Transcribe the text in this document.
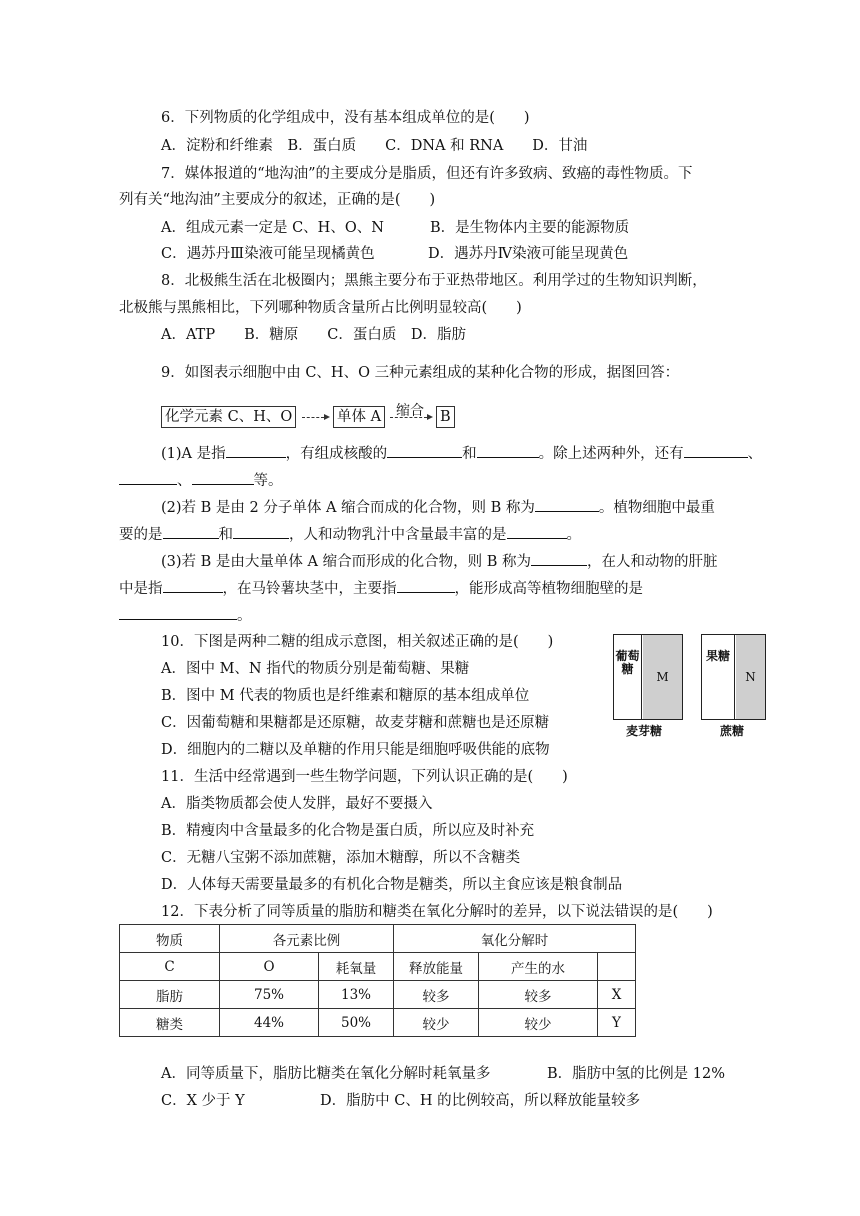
6．下列物质的化学组成中，没有基本组成单位的是(　　)
A．淀粉和纤维素　B．蛋白质　　C．DNA 和 RNA　　D．甘油
7．媒体报道的“地沟油”的主要成分是脂质，但还有许多致病、致癌的毒性物质。下
列有关“地沟油”主要成分的叙述，正确的是(　　)
A．组成元素一定是 C、H、O、N	B．是生物体内主要的能源物质
C．遇苏丹Ⅲ染液可能呈现橘黄色	D．遇苏丹Ⅳ染液可能呈现黄色
8．北极熊生活在北极圈内；黑熊主要分布于亚热带地区。利用学过的生物知识判断，
北极熊与黑熊相比，下列哪种物质含量所占比例明显较高(　　)
A．ATP　　B．糖原　　C．蛋白质　D．脂肪
9．如图表示细胞中由 C、H、O 三种元素组成的某种化合物的形成，据图回答：
化学元素 C、H、O	单体 A 缩合 B
(1)A 是指	，有组成核酸的	和	。除上述两种外，还有	、
、	等。
(2)若 B 是由 2 分子单体 A 缩合而成的化合物，则 B 称为	。植物细胞中最重
要的是	和	，人和动物乳汁中含量最丰富的是	。
(3)若 B 是由大量单体 A 缩合而形成的化合物，则 B 称为	，在人和动物的肝脏
中是指	，在马铃薯块茎中，主要指	，能形成高等植物细胞壁的是
。
10．下图是两种二糖的组成示意图，相关叙述正确的是(　　)
A．图中 M、N 指代的物质分别是葡萄糖、果糖
B．图中 M 代表的物质也是纤维素和糖原的基本组成单位
C．因葡萄糖和果糖都是还原糖，故麦芽糖和蔗糖也是还原糖
D．细胞内的二糖以及单糖的作用只能是细胞呼吸供能的底物
葡萄糖
M
麦芽糖
果糖
N
蔗糖
11．生活中经常遇到一些生物学问题，下列认识正确的是(　　)
A．脂类物质都会使人发胖，最好不要摄入
B．精瘦肉中含量最多的化合物是蛋白质，所以应及时补充
C．无糖八宝粥不添加蔗糖，添加木糖醇，所以不含糖类
D．人体每天需要量最多的有机化合物是糖类，所以主食应该是粮食制品
12．下表分析了同等质量的脂肪和糖类在氧化分解时的差异，以下说法错误的是(　　)
物质	各元素比例		氧化分解时		
C	O	耗氧量	释放能量	产生的水	
脂肪	75%	13%	较多	较多	X
糖类	44%	50%	较少	较少	Y
A．同等质量下，脂肪比糖类在氧化分解时耗氧量多	B．脂肪中氢的比例是 12%
C．X 少于 Y	D．脂肪中 C、H 的比例较高，所以释放能量较多
